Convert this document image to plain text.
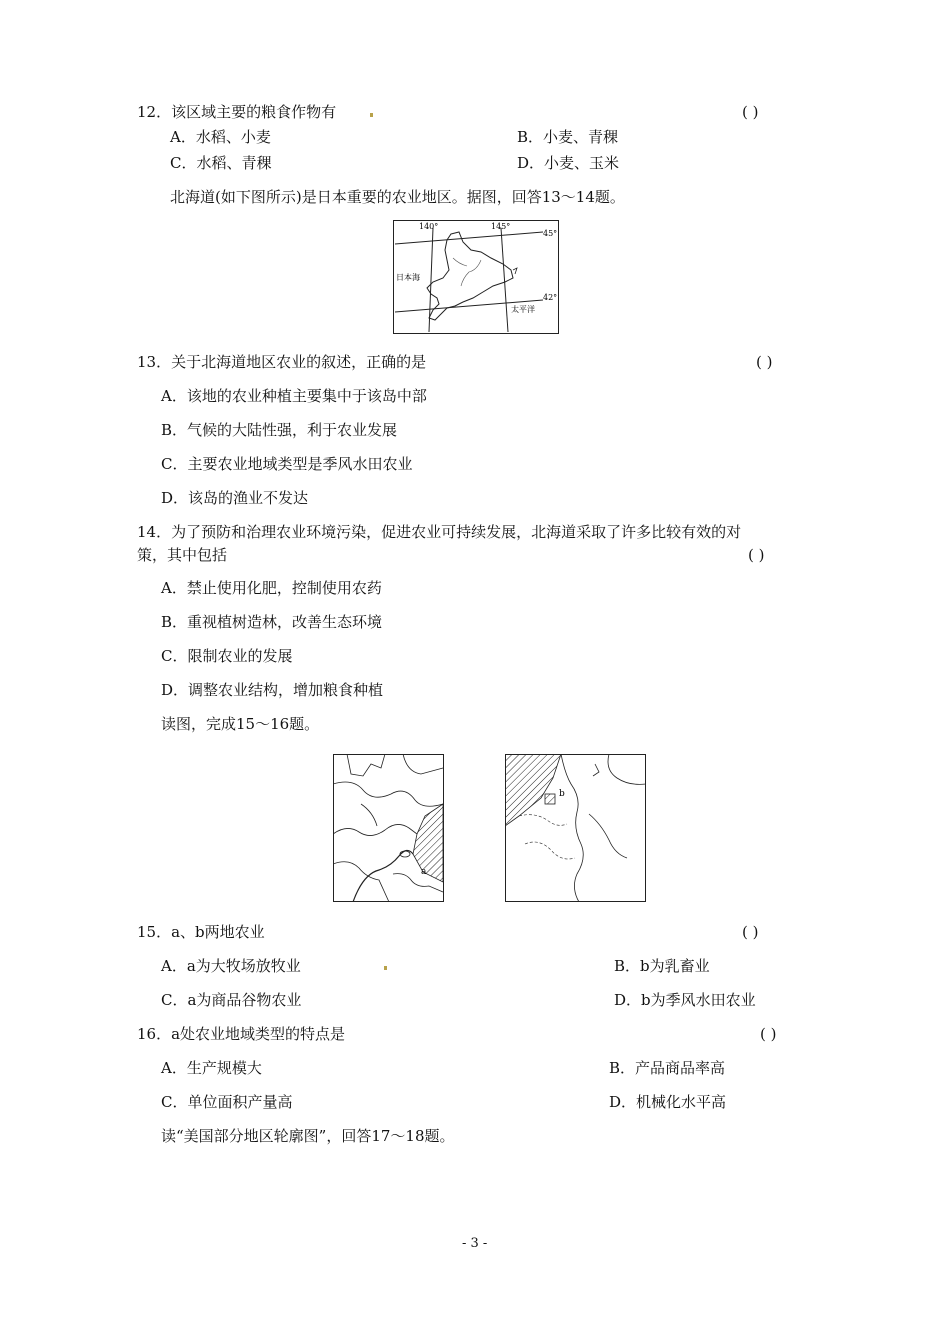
12．该区域主要的粮食作物有	( )
A．水稻、小麦	B．小麦、青稞
C．水稻、青稞	D．小麦、玉米
北海道(如下图所示)是日本重要的农业地区。据图，回答13～14题。
140°	145°
45°
42°
日本海
太平洋
13．关于北海道地区农业的叙述，正确的是	( )
A．该地的农业种植主要集中于该岛中部
B．气候的大陆性强，利于农业发展
C．主要农业地域类型是季风水田农业
D．该岛的渔业不发达
14．为了预防和治理农业环境污染，促进农业可持续发展，北海道采取了许多比较有效的对
策，其中包括	( )
A．禁止使用化肥，控制使用农药
B．重视植树造林，改善生态环境
C．限制农业的发展
D．调整农业结构，增加粮食种植
读图，完成15～16题。
a
b
15．a、b两地农业	( )
A．a为大牧场放牧业	B．b为乳畜业
C．a为商品谷物农业	D．b为季风水田农业
16．a处农业地域类型的特点是	( )
A．生产规模大	B．产品商品率高
C．单位面积产量高	D．机械化水平高
读“美国部分地区轮廓图”，回答17～18题。
- 3 -
